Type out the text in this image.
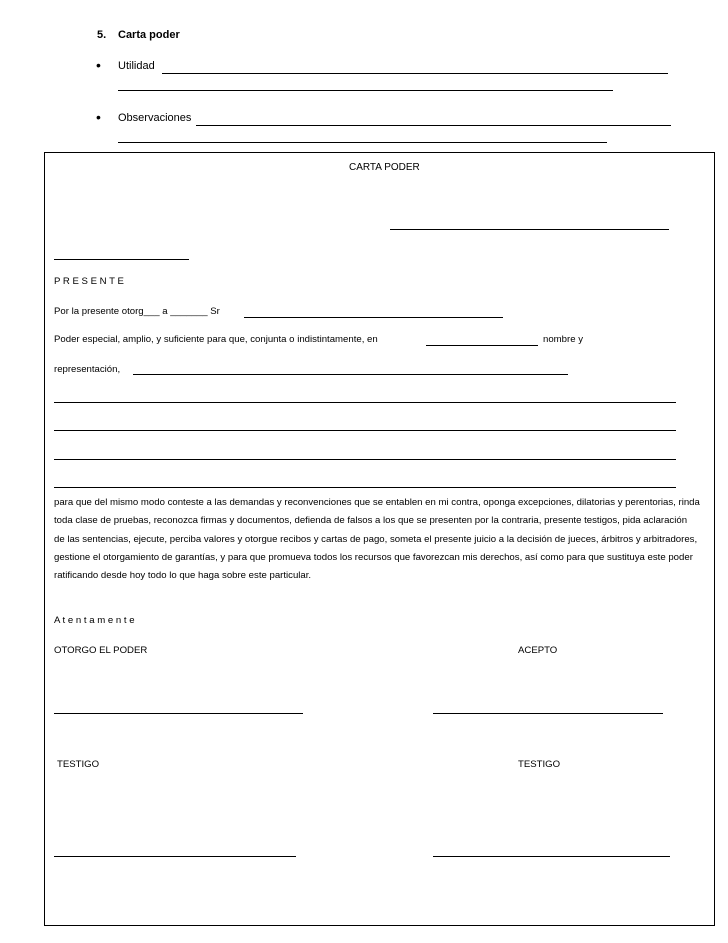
5. Carta poder
• Utilidad
• Observaciones
CARTA PODER
P R E S E N T E
Por la presente otorg___ a _______ Sr
Poder especial, amplio, y suficiente para que, conjunta o indistintamente, en	nombre y
representación,
para que del mismo modo conteste a las demandas y reconvenciones que se entablen en mi contra, oponga excepciones, dilatorias y perentorias, rinda toda clase de pruebas, reconozca firmas y documentos, defienda de falsos a los que se presenten por la contraria, presente testigos, pida aclaración de las sentencias, ejecute, perciba valores y otorgue recibos y cartas de pago, someta el presente juicio a la decisión de jueces, árbitros y arbitradores, gestione el otorgamiento de garantías, y para que promueva todos los recursos que favorezcan mis derechos, así como para que sustituya este poder ratificando desde hoy todo lo que haga sobre este particular.
A t e n t a m e n t e
OTORGO EL PODER	ACEPTO
TESTIGO	TESTIGO
